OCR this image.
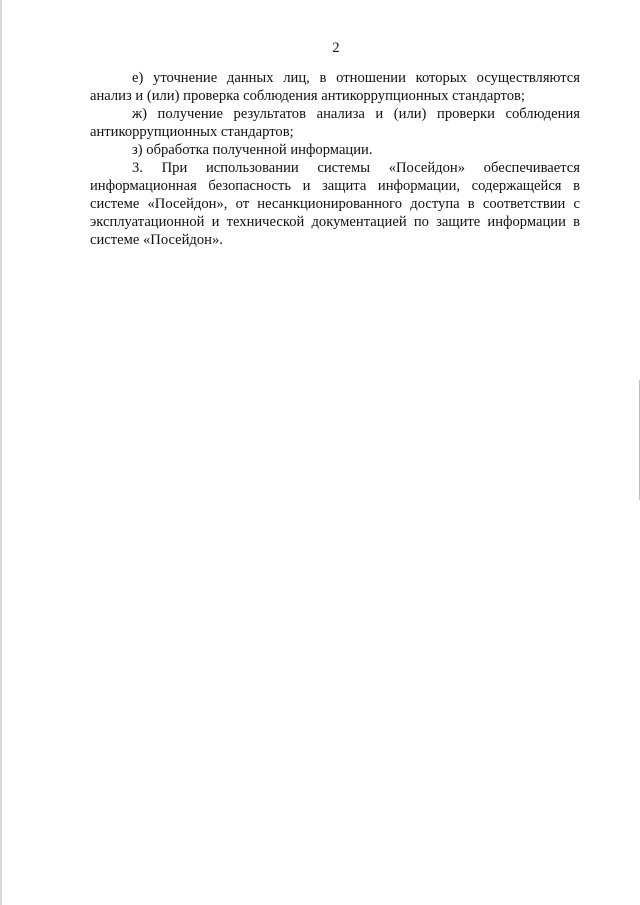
2

е) уточнение данных лиц, в отношении которых осуществляются анализ и (или) проверка соблюдения антикоррупционных стандартов;

ж) получение результатов анализа и (или) проверки соблюдения антикоррупционных стандартов;

з) обработка полученной информации.

3. При использовании системы «Посейдон» обеспечивается информационная безопасность и защита информации, содержащейся в системе «Посейдон», от несанкционированного доступа в соответствии с эксплуатационной и технической документацией по защите информации в системе «Посейдон».
